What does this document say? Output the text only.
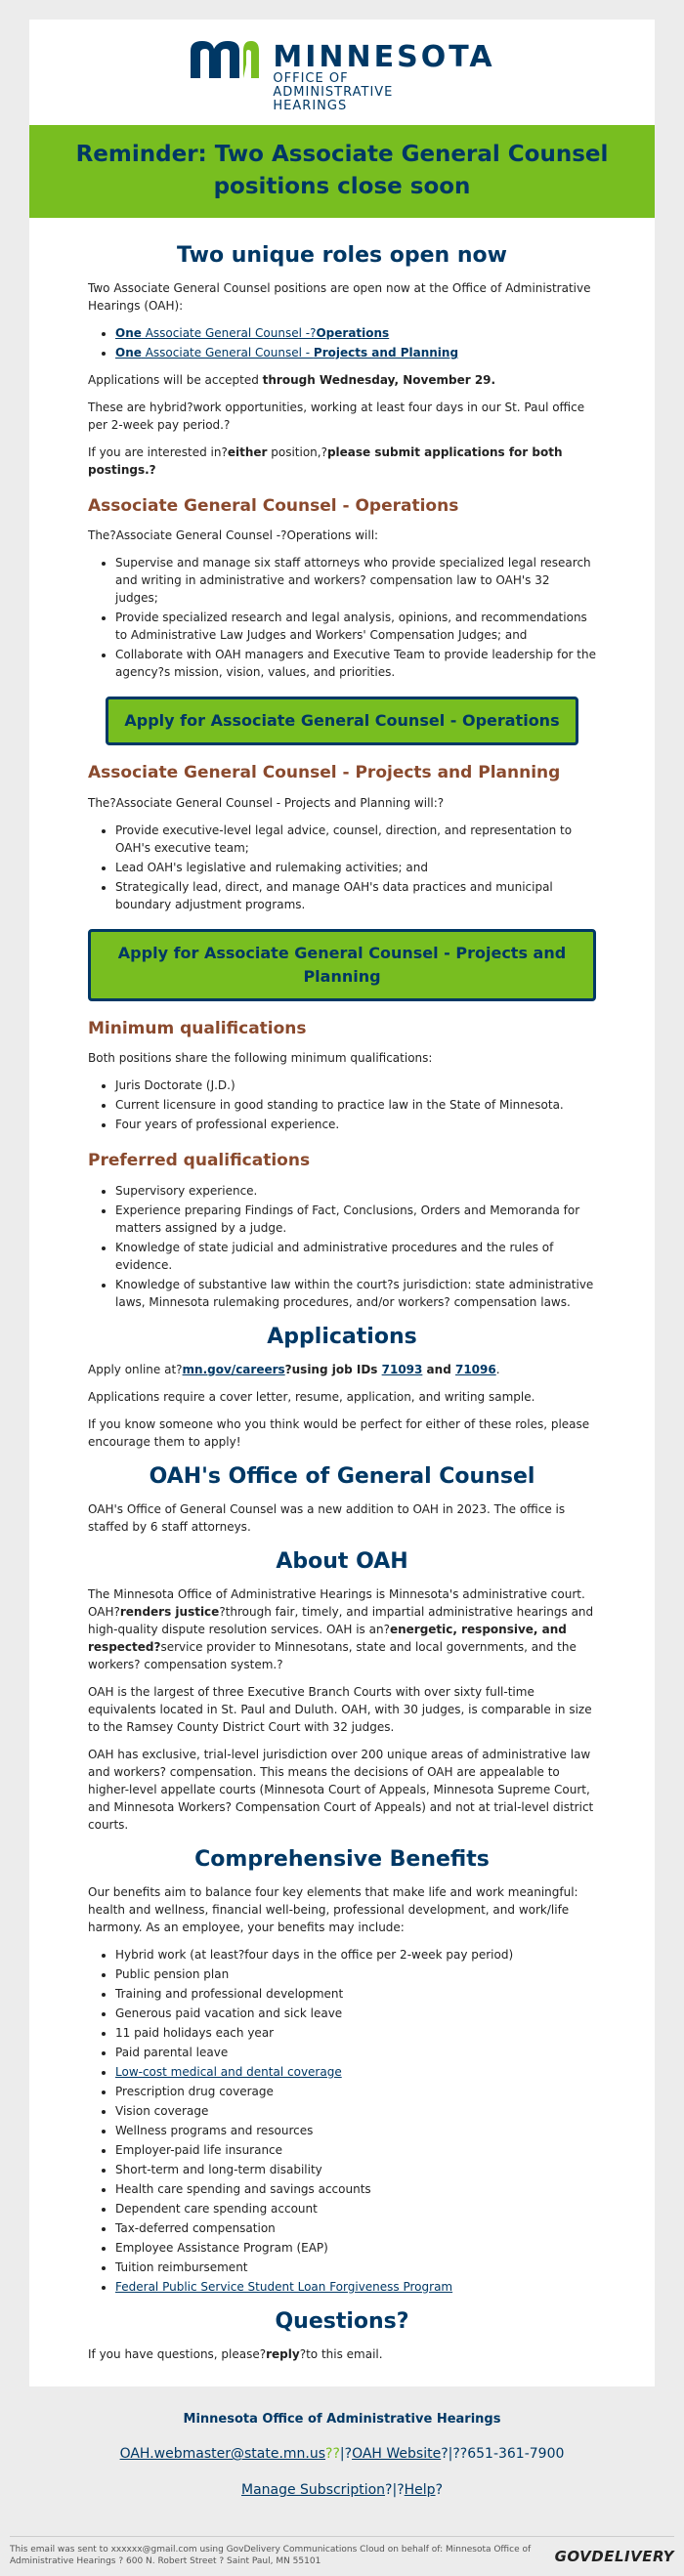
MINNESOTA
OFFICE OF
ADMINISTRATIVE
HEARINGS
Reminder: Two Associate General Counsel positions close soon
Two unique roles open now

Two Associate General Counsel positions are open now at the Office of Administrative Hearings (OAH):

• One Associate General Counsel -?Operations
• One Associate General Counsel - Projects and Planning

Applications will be accepted through Wednesday, November 29.

These are hybrid?work opportunities, working at least four days in our St. Paul office per 2-week pay period.?

If you are interested in?either position,?please submit applications for both postings.?

Associate General Counsel - Operations

The?Associate General Counsel -?Operations will:

• Supervise and manage six staff attorneys who provide specialized legal research and writing in administrative and workers? compensation law to OAH's 32 judges;
• Provide specialized research and legal analysis, opinions, and recommendations to Administrative Law Judges and Workers' Compensation Judges; and
• Collaborate with OAH managers and Executive Team to provide leadership for the agency?s mission, vision, values, and priorities.
Apply for Associate General Counsel - Operations
Associate General Counsel - Projects and Planning

The?Associate General Counsel - Projects and Planning will:?

• Provide executive-level legal advice, counsel, direction, and representation to OAH's executive team;
• Lead OAH's legislative and rulemaking activities; and
• Strategically lead, direct, and manage OAH's data practices and municipal boundary adjustment programs.
Apply for Associate General Counsel - Projects and Planning
Minimum qualifications

Both positions share the following minimum qualifications:

• Juris Doctorate (J.D.)
• Current licensure in good standing to practice law in the State of Minnesota.
• Four years of professional experience.
Preferred qualifications
• Supervisory experience.
• Experience preparing Findings of Fact, Conclusions, Orders and Memoranda for matters assigned by a judge.
• Knowledge of state judicial and administrative procedures and the rules of evidence.
• Knowledge of substantive law within the court?s jurisdiction: state administrative laws, Minnesota rulemaking procedures, and/or workers? compensation laws.
Applications

Apply online at?mn.gov/careers?using job IDs 71093 and 71096.

Applications require a cover letter, resume, application, and writing sample.

If you know someone who you think would be perfect for either of these roles, please encourage them to apply!

OAH's Office of General Counsel

OAH's Office of General Counsel was a new addition to OAH in 2023. The office is staffed by 6 staff attorneys.

About OAH

The Minnesota Office of Administrative Hearings is Minnesota's administrative court. OAH?renders justice?through fair, timely, and impartial administrative hearings and high-quality dispute resolution services. OAH is an?energetic, responsive, and respected?service provider to Minnesotans, state and local governments, and the workers? compensation system.?

OAH is the largest of three Executive Branch Courts with over sixty full-time equivalents located in St. Paul and Duluth. OAH, with 30 judges, is comparable in size to the Ramsey County District Court with 32 judges.

OAH has exclusive, trial-level jurisdiction over 200 unique areas of administrative law and workers? compensation. This means the decisions of OAH are appealable to higher-level appellate courts (Minnesota Court of Appeals, Minnesota Supreme Court, and Minnesota Workers? Compensation Court of Appeals) and not at trial-level district courts.

Comprehensive Benefits

Our benefits aim to balance four key elements that make life and work meaningful: health and wellness, financial well-being, professional development, and work/life harmony. As an employee, your benefits may include:

• Hybrid work (at least?four days in the office per 2-week pay period)
• Public pension plan
• Training and professional development
• Generous paid vacation and sick leave
• 11 paid holidays each year
• Paid parental leave
• Low-cost medical and dental coverage
• Prescription drug coverage
• Vision coverage
• Wellness programs and resources
• Employer-paid life insurance
• Short-term and long-term disability
• Health care spending and savings accounts
• Dependent care spending account
• Tax-deferred compensation
• Employee Assistance Program (EAP)
• Tuition reimbursement
• Federal Public Service Student Loan Forgiveness Program
Questions?

If you have questions, please?reply?to this email.

Minnesota Office of Administrative Hearings
OAH.webmaster@state.mn.us??|?OAH Website?|??651-361-7900
Manage Subscription?|?Help?
This email was sent to xxxxxx@gmail.com using GovDelivery Communications Cloud on behalf of: Minnesota Office of Administrative Hearings ? 600 N. Robert Street ? Saint Paul, MN 55101	GOVDELIVERY
